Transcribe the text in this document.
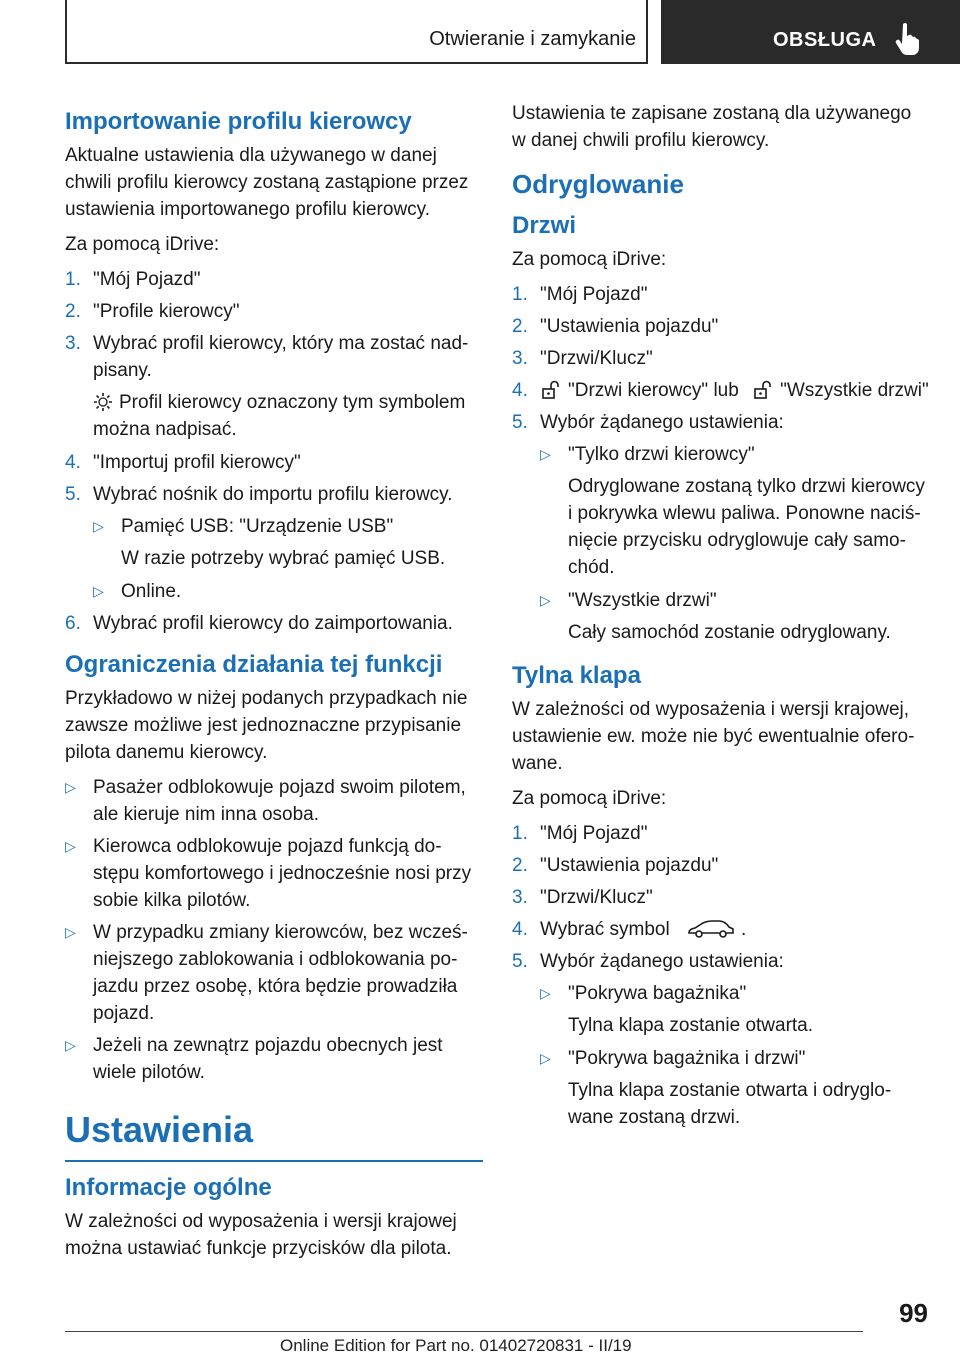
Otwieranie i zamykanie	OBSŁUGA
Importowanie profilu kierowcy

Aktualne ustawienia dla używanego w danej chwili profilu kierowcy zostaną zastąpione przez ustawienia importowanego profilu kierowcy.

Za pomocą iDrive:

1. "Mój Pojazd"
2. "Profile kierowcy"
3. Wybrać profil kierowcy, który ma zostać nad‐pisany.
Profil kierowcy oznaczony tym symbolem można nadpisać.
4. "Importuj profil kierowcy"
5. Wybrać nośnik do importu profilu kierowcy.
▷ Pamięć USB: "Urządzenie USB"
W razie potrzeby wybrać pamięć USB.
▷ Online.
6. Wybrać profil kierowcy do zaimportowania.
Ograniczenia działania tej funkcji

Przykładowo w niżej podanych przypadkach nie zawsze możliwe jest jednoznaczne przypisanie pilota danemu kierowcy.

▷ Pasażer odblokowuje pojazd swoim pilotem, ale kieruje nim inna osoba.
▷ Kierowca odblokowuje pojazd funkcją do‐stępu komfortowego i jednocześnie nosi przy sobie kilka pilotów.
▷ W przypadku zmiany kierowców, bez wcześ‐niejszego zablokowania i odblokowania po‐jazdu przez osobę, która będzie prowadziła pojazd.
▷ Jeżeli na zewnątrz pojazdu obecnych jest wiele pilotów.
Ustawienia
Informacje ogólne

W zależności od wyposażenia i wersji krajowej można ustawiać funkcje przycisków dla pilota.

Ustawienia te zapisane zostaną dla używanego w danej chwili profilu kierowcy.

Odryglowanie
Drzwi

Za pomocą iDrive:

1. "Mój Pojazd"
2. "Ustawienia pojazdu"
3. "Drzwi/Klucz"
4.	"Drzwi kierowcy" lub "Wszystkie drzwi"
5. Wybór żądanego ustawienia:
▷ "Tylko drzwi kierowcy"
Odryglowane zostaną tylko drzwi kierowcy i pokrywka wlewu paliwa. Ponowne naciś‐nięcie przycisku odryglowuje cały samo‐chód.
▷ "Wszystkie drzwi"
Cały samochód zostanie odryglowany.
Tylna klapa

W zależności od wyposażenia i wersji krajowej, ustawienie ew. może nie być ewentualnie ofero‐wane.

Za pomocą iDrive:

1. "Mój Pojazd"
2. "Ustawienia pojazdu"
3. "Drzwi/Klucz"
4. Wybrać symbol	.
5. Wybór żądanego ustawienia:
▷ "Pokrywa bagażnika"
Tylna klapa zostanie otwarta.
▷ "Pokrywa bagażnika i drzwi"
Tylna klapa zostanie otwarta i odryglo‐wane zostaną drzwi.
99
Online Edition for Part no. 01402720831 - II/19
